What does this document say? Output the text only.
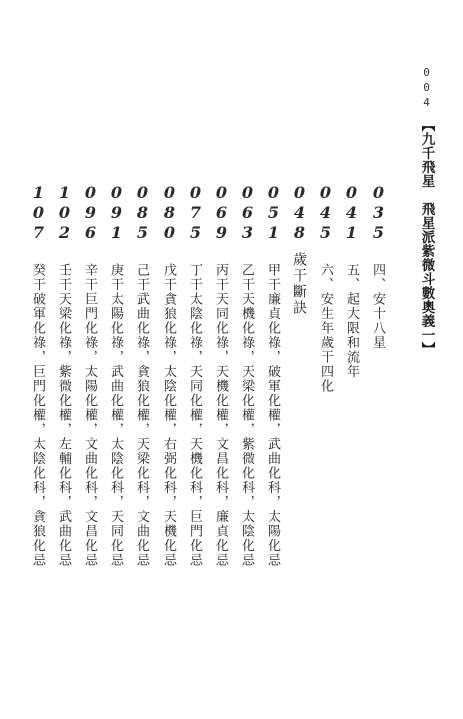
004
【九千飛星　飛星派紫微斗數奧義一】
035
041
045
048
051
063
069
075
080
085
091
096
102
107
四、安十八星
五、起大限和流年
六、安生年歲干四化
歲干斷訣
甲干廉貞化祿，破軍化權，武曲化科，太陽化忌
乙干天機化祿，天梁化權，紫微化科，太陰化忌
丙干天同化祿，天機化權，文昌化科，廉貞化忌
丁干太陰化祿，天同化權，天機化科，巨門化忌
戊干貪狼化祿，太陰化權，右弼化科，天機化忌
己干武曲化祿，貪狼化權，天梁化科，文曲化忌
庚干太陽化祿，武曲化權，太陰化科，天同化忌
辛干巨門化祿，太陽化權，文曲化科，文昌化忌
壬干天梁化祿，紫微化權，左輔化科，武曲化忌
癸干破軍化祿，巨門化權，太陰化科，貪狼化忌
